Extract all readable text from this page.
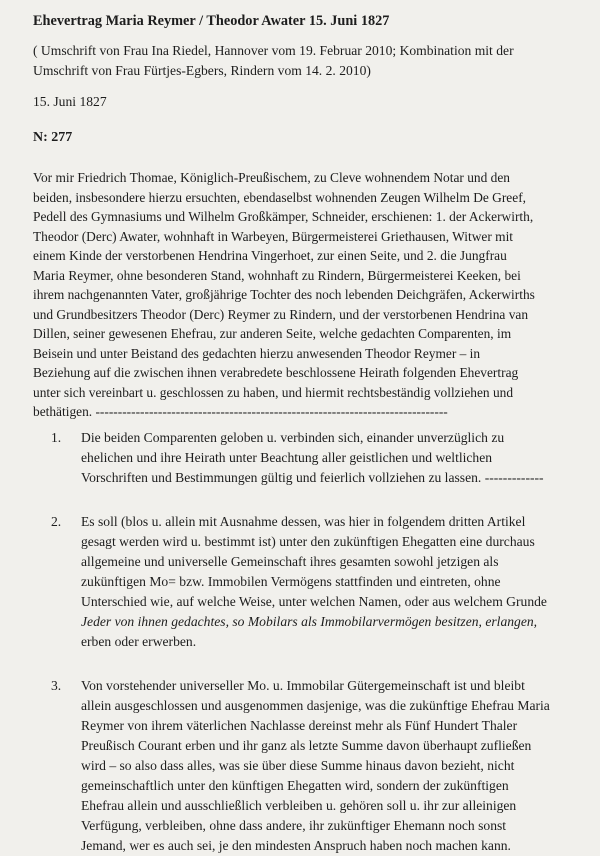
Ehevertrag Maria Reymer / Theodor Awater 15. Juni 1827
( Umschrift von Frau Ina Riedel, Hannover vom 19. Februar 2010; Kombination mit der
Umschrift von Frau Fürtjes-Egbers, Rindern vom 14. 2. 2010)
15. Juni 1827
N: 277
Vor mir Friedrich Thomae, Königlich-Preußischem, zu Cleve wohnendem Notar und den
beiden, insbesondere hierzu ersuchten, ebendaselbst wohnenden Zeugen Wilhelm De Greef,
Pedell des Gymnasiums und Wilhelm Großkämper, Schneider, erschienen: 1. der Ackerwirth,
Theodor (Derc) Awater, wohnhaft in Warbeyen, Bürgermeisterei Griethausen, Witwer mit
einem Kinde der verstorbenen Hendrina Vingerhoet, zur einen Seite, und 2. die Jungfrau
Maria Reymer, ohne besonderen Stand, wohnhaft zu Rindern, Bürgermeisterei Keeken, bei
ihrem nachgenannten Vater, großjährige Tochter des noch lebenden Deichgräfen, Ackerwirths
und Grundbesitzers Theodor (Derc) Reymer zu Rindern, und der verstorbenen Hendrina van
Dillen, seiner gewesenen Ehefrau, zur anderen Seite, welche gedachten Comparenten, im
Beisein und unter Beistand des gedachten hierzu anwesenden Theodor Reymer – in
Beziehung auf die zwischen ihnen verabredete beschlossene Heirath folgenden Ehevertrag
unter sich vereinbart u. geschlossen zu haben, und hiermit rechtsbeständig vollziehen und
bethätigen. -------------------------------------------------------------------------------
1.	Die beiden Comparenten geloben u. verbinden sich, einander unverzüglich zu
ehelichen und ihre Heirath unter Beachtung aller geistlichen und weltlichen
Vorschriften und Bestimmungen gültig und feierlich vollziehen zu lassen. -------------
2.	Es soll (blos u. allein mit Ausnahme dessen, was hier in folgendem dritten Artikel
gesagt werden wird u. bestimmt ist) unter den zukünftigen Ehegatten eine durchaus
allgemeine und universelle Gemeinschaft ihres gesamten sowohl jetzigen als
zukünftigen Mo= bzw. Immobilen Vermögens stattfinden und eintreten, ohne
Unterschied wie, auf welche Weise, unter welchen Namen, oder aus welchem Grunde
Jeder von ihnen gedachtes, so Mobilars als Immobilarvermögen besitzen, erlangen,
erben oder erwerben.
3.	Von vorstehender universeller Mo. u. Immobilar Gütergemeinschaft ist und bleibt
allein ausgeschlossen und ausgenommen dasjenige, was die zukünftige Ehefrau Maria
Reymer von ihrem väterlichen Nachlasse dereinst mehr als Fünf Hundert Thaler
Preußisch Courant erben und ihr ganz als letzte Summe davon überhaupt zufließen
wird – so also dass alles, was sie über diese Summe hinaus davon bezieht, nicht
gemeinschaftlich unter den künftigen Ehegatten wird, sondern der zukünftigen
Ehefrau allein und ausschließlich verbleiben u. gehören soll u. ihr zur alleinigen
Verfügung, verbleiben, ohne dass andere, ihr zukünftiger Ehemann noch sonst
Jemand, wer es auch sei, je den mindesten Anspruch haben noch machen kann.
